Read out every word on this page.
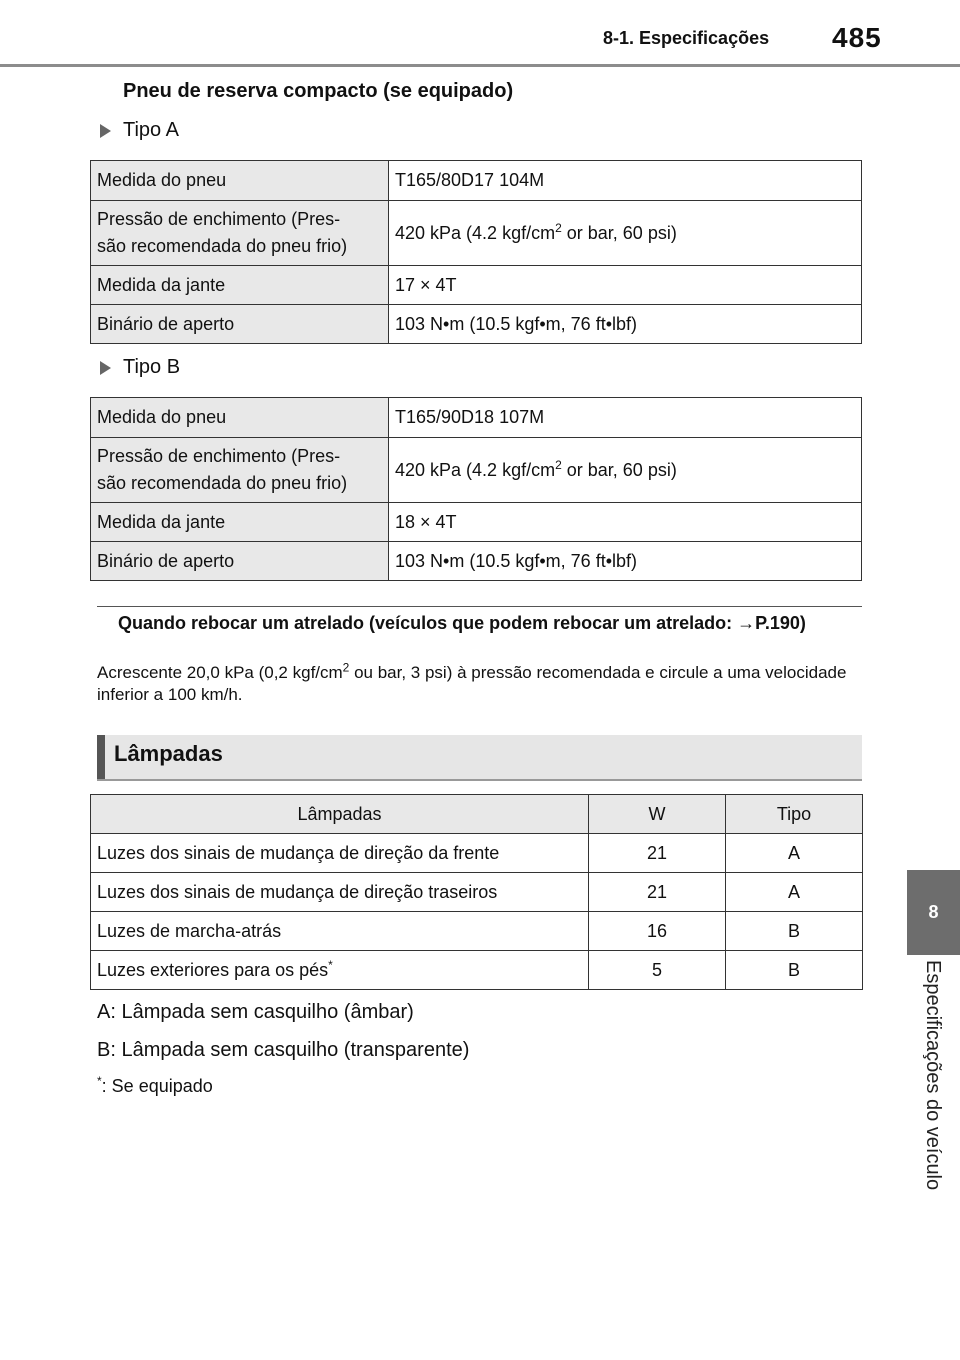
8-1. Especificações 485
8
Especificações do veículo
Pneu de reserva compacto (se equipado)
Tipo A
Medida do pneu	T165/80D17 104M
Pressão de enchimento (Pres-
são recomendada do pneu frio)	420 kPa (4.2 kgf/$cm^2$ or bar, 60 psi)
Medida da jante	17 × 4T
Binário de aperto	103 N•m (10.5 kgf•m, 76 ft•lbf)
Tipo B
Medida do pneu	T165/90D18 107M
Pressão de enchimento (Pres-
são recomendada do pneu frio)	420 kPa (4.2 kgf/$cm^2$ or bar, 60 psi)
Medida da jante	18 × 4T
Binário de aperto	103 N•m (10.5 kgf•m, 76 ft•lbf)
Quando rebocar um atrelado (veículos que podem rebocar um atrelado: →P.190)
Acrescente 20,0 kPa (0,2 kgf/$cm^2$ ou bar, 3 psi) à pressão recomendada e circule a uma velocidade inferior a 100 km/h.
Lâmpadas
Lâmpadas	W	Tipo
Luzes dos sinais de mudança de direção da frente	21	A
Luzes dos sinais de mudança de direção traseiros	21	A
Luzes de marcha-atrás	16	B
Luzes exteriores para os pés*	5	B
A: Lâmpada sem casquilho (âmbar)
B: Lâmpada sem casquilho (transparente)
*: Se equipado
